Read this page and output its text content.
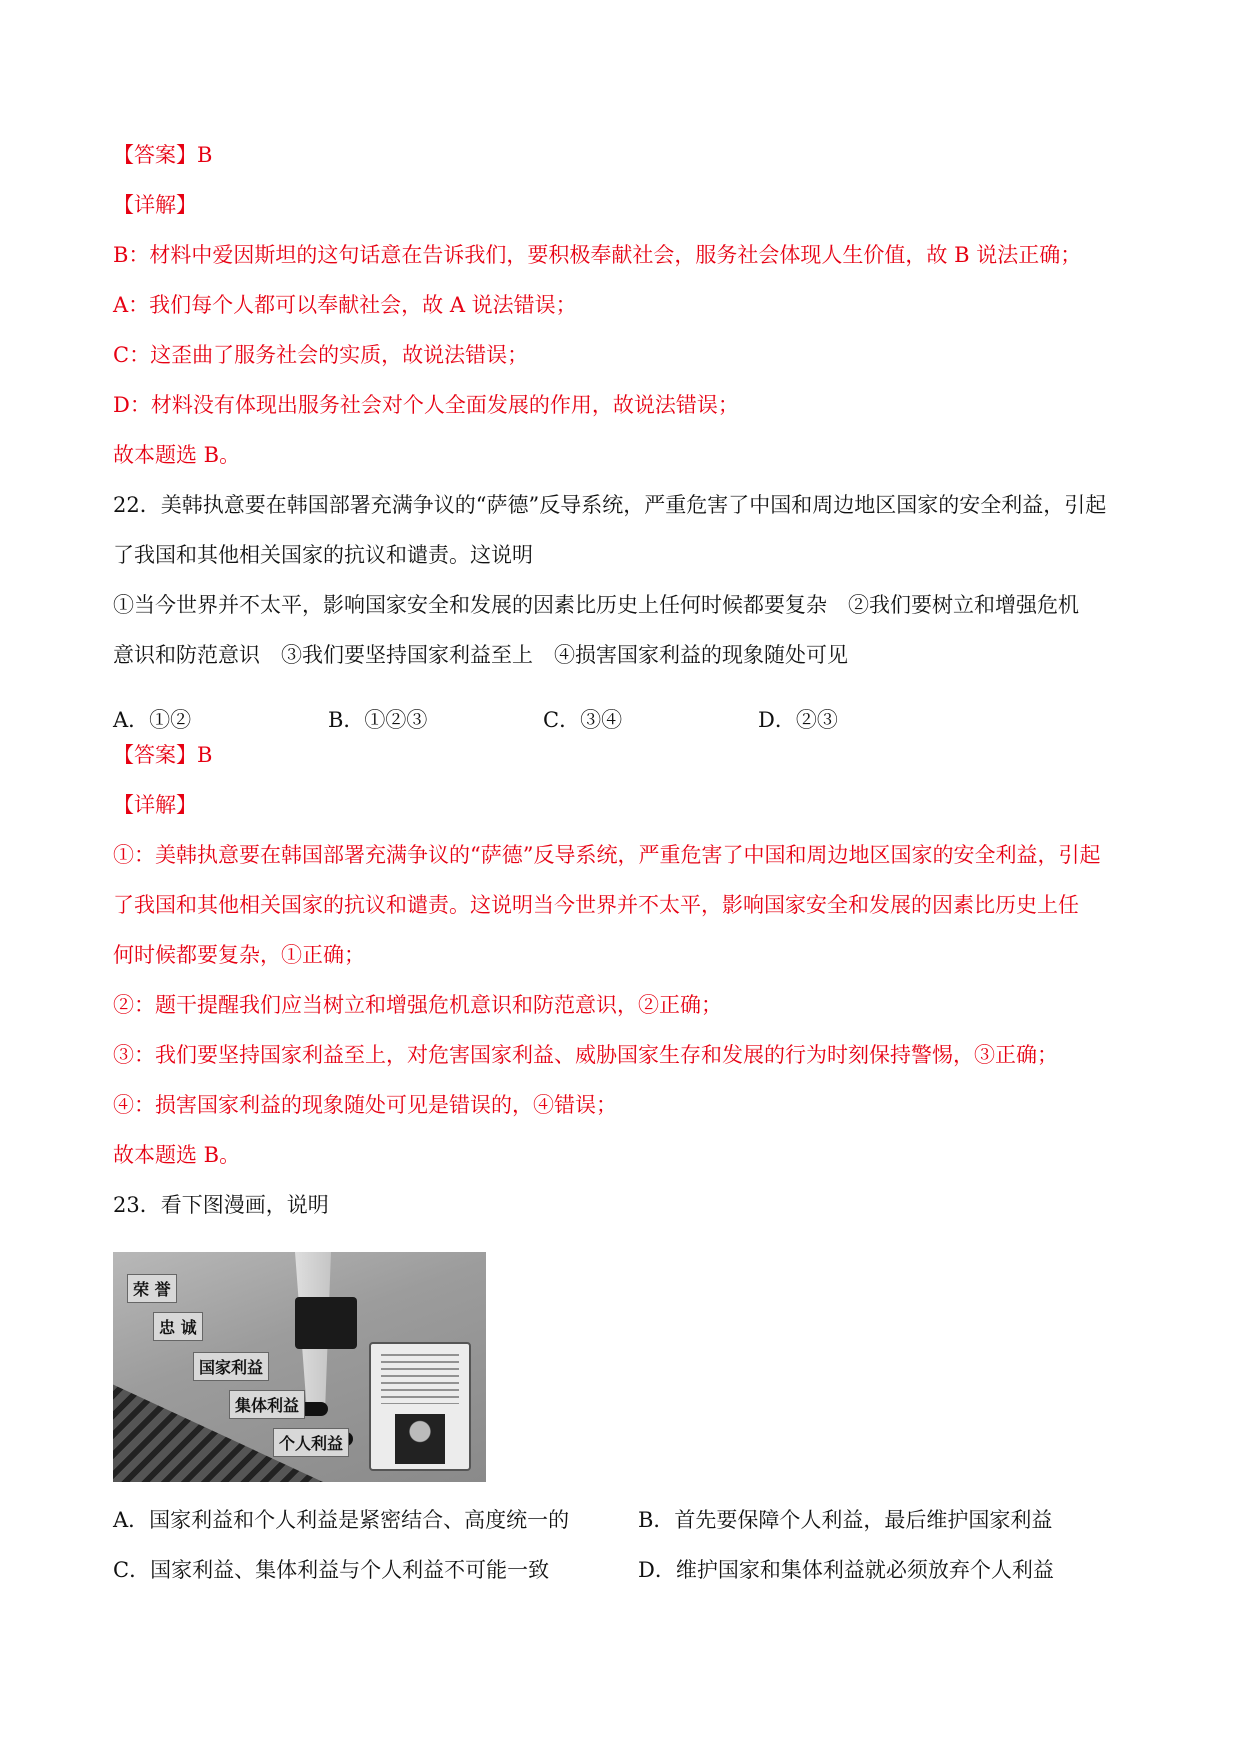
【答案】B
【详解】
B：材料中爱因斯坦的这句话意在告诉我们，要积极奉献社会，服务社会体现人生价值，故 B 说法正确；
A：我们每个人都可以奉献社会，故 A 说法错误；
C：这歪曲了服务社会的实质，故说法错误；
D：材料没有体现出服务社会对个人全面发展的作用，故说法错误；
故本题选 B。
22．美韩执意要在韩国部署充满争议的“萨德”反导系统，严重危害了中国和周边地区国家的安全利益，引起
了我国和其他相关国家的抗议和谴责。这说明
①当今世界并不太平，影响国家安全和发展的因素比历史上任何时候都要复杂　②我们要树立和增强危机
意识和防范意识　③我们要坚持国家利益至上　④损害国家利益的现象随处可见
【答案】B
【详解】
①：美韩执意要在韩国部署充满争议的“萨德”反导系统，严重危害了中国和周边地区国家的安全利益，引起
了我国和其他相关国家的抗议和谴责。这说明当今世界并不太平，影响国家安全和发展的因素比历史上任
何时候都要复杂，①正确；
②：题干提醒我们应当树立和增强危机意识和防范意识，②正确；
③：我们要坚持国家利益至上，对危害国家利益、威胁国家生存和发展的行为时刻保持警惕，③正确；
④：损害国家利益的现象随处可见是错误的，④错误；
故本题选 B。
23．看下图漫画，说明
A．①②	B．①②③	C．③④	D．②③
荣 誉
忠 诚
国家利益
集体利益
个人利益
A．国家利益和个人利益是紧密结合、高度统一的	B．首先要保障个人利益，最后维护国家利益
C．国家利益、集体利益与个人利益不可能一致	D．维护国家和集体利益就必须放弃个人利益
